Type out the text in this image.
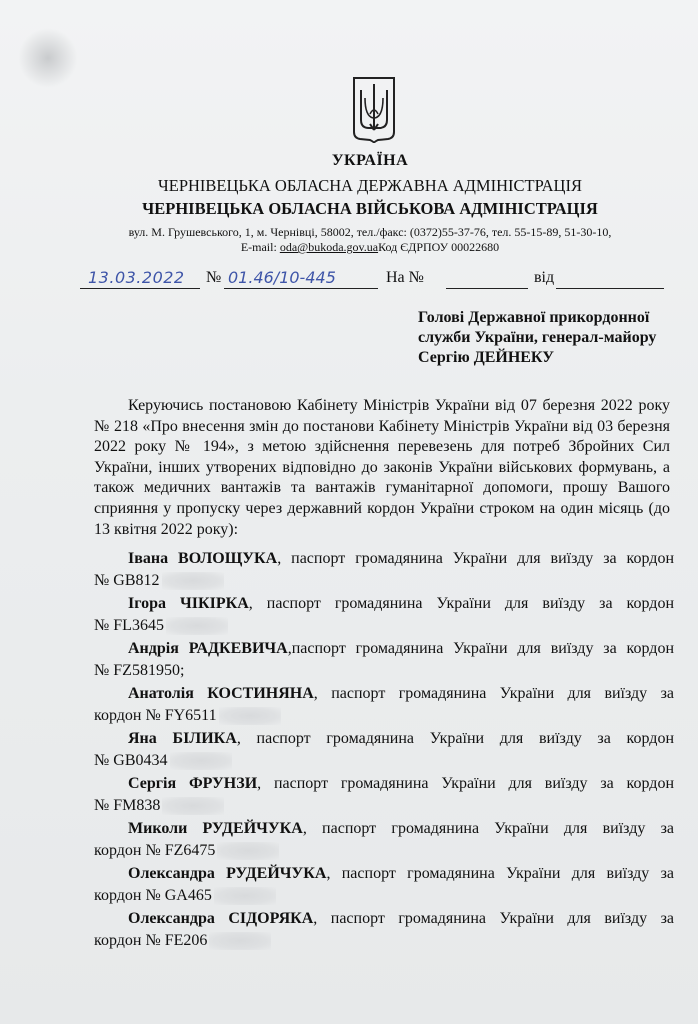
УКРАЇНА
ЧЕРНІВЕЦЬКА ОБЛАСНА ДЕРЖАВНА АДМІНІСТРАЦІЯ
ЧЕРНІВЕЦЬКА ОБЛАСНА ВІЙСЬКОВА АДМІНІСТРАЦІЯ
вул. М. Грушевського, 1, м. Чернівці, 58002, тел./факс: (0372)55-37-76, тел. 55-15-89, 51-30-10,
E-mail: oda@bukoda.gov.uaКод ЄДРПОУ 00022680
13.03.2022 № 01.46/10-445	На №	від
Голові Державної прикордонної
служби України, генерал-майору
Сергію ДЕЙНЕКУ
Керуючись постановою Кабінету Міністрів України від 07 березня 2022 року № 218 «Про внесення змін до постанови Кабінету Міністрів України від 03 березня 2022 року № 194», з метою здійснення перевезень для потреб Збройних Сил України, інших утворених відповідно до законів України військових формувань, а також медичних вантажів та вантажів гуманітарної допомоги, прошу Вашого сприяння у пропуску через державний кордон України строком на один місяць (до 13 квітня 2022 року):
Івана ВОЛОЩУКА, паспорт громадянина України для виїзду за кордон
№ GB812
Ігора ЧІКІРКА, паспорт громадянина України для виїзду за кордон
№ FL3645
Андрія РАДКЕВИЧА,паспорт громадянина України для виїзду за кордон
№ FZ581950;
Анатолія КОСТИНЯНА, паспорт громадянина України для виїзду за
кордон № FY6511
Яна БІЛИКА, паспорт громадянина України для виїзду за кордон
№ GB0434
Сергія ФРУНЗИ, паспорт громадянина України для виїзду за кордон
№ FM838
Миколи РУДЕЙЧУКА, паспорт громадянина України для виїзду за
кордон № FZ6475
Олександра РУДЕЙЧУКА, паспорт громадянина України для виїзду за
кордон № GA465
Олександра СІДОРЯКА, паспорт громадянина України для виїзду за
кордон № FE206
